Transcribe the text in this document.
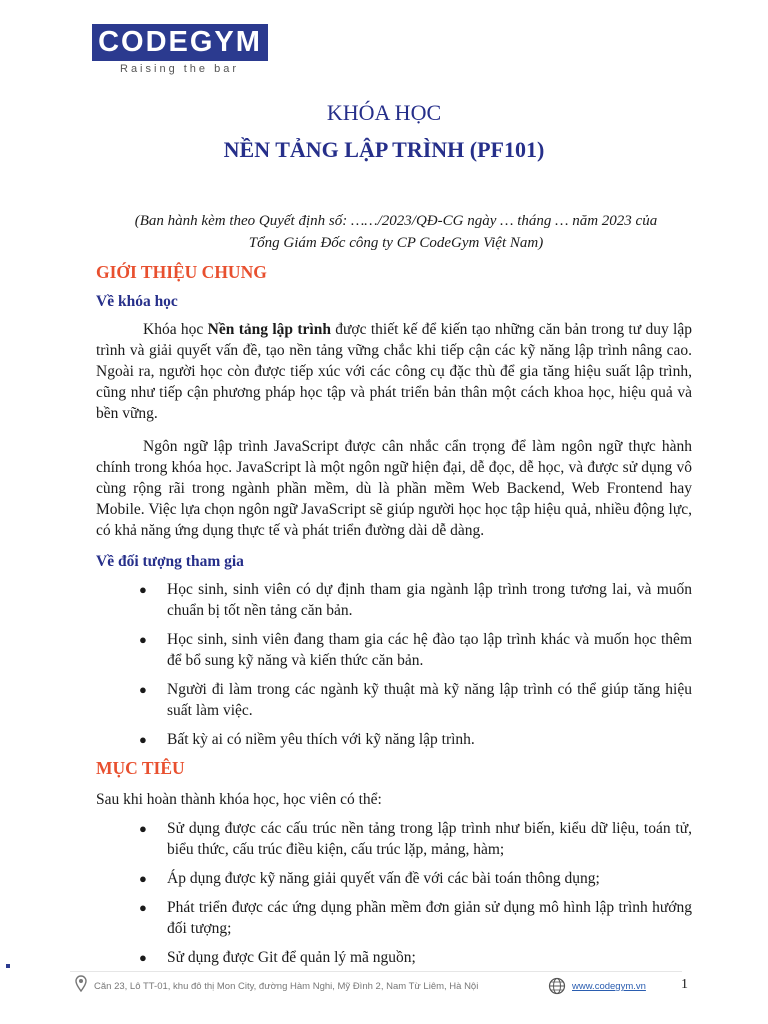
CODEGYM
Raising the bar
KHÓA HỌC
NỀN TẢNG LẬP TRÌNH (PF101)
(Ban hành kèm theo Quyết định số: ……/2023/QĐ-CG ngày … tháng … năm 2023 của
Tổng Giám Đốc công ty CP CodeGym Việt Nam)
GIỚI THIỆU CHUNG
Về khóa học

Khóa học Nền tảng lập trình được thiết kế để kiến tạo những căn bản trong tư duy lập trình và giải quyết vấn đề, tạo nền tảng vững chắc khi tiếp cận các kỹ năng lập trình nâng cao. Ngoài ra, người học còn được tiếp xúc với các công cụ đặc thù để gia tăng hiệu suất lập trình, cũng như tiếp cận phương pháp học tập và phát triển bản thân một cách khoa học, hiệu quả và bền vững.

Ngôn ngữ lập trình JavaScript được cân nhắc cẩn trọng để làm ngôn ngữ thực hành chính trong khóa học. JavaScript là một ngôn ngữ hiện đại, dễ đọc, dễ học, và được sử dụng vô cùng rộng rãi trong ngành phần mềm, dù là phần mềm Web Backend, Web Frontend hay Mobile. Việc lựa chọn ngôn ngữ JavaScript sẽ giúp người học học tập hiệu quả, nhiều động lực, có khả năng ứng dụng thực tế và phát triển đường dài dễ dàng.

Về đối tượng tham gia
● Học sinh, sinh viên có dự định tham gia ngành lập trình trong tương lai, và muốn chuẩn bị tốt nền tảng căn bản.
● Học sinh, sinh viên đang tham gia các hệ đào tạo lập trình khác và muốn học thêm để bổ sung kỹ năng và kiến thức căn bản.
● Người đi làm trong các ngành kỹ thuật mà kỹ năng lập trình có thể giúp tăng hiệu suất làm việc.
● Bất kỳ ai có niềm yêu thích với kỹ năng lập trình.
MỤC TIÊU

Sau khi hoàn thành khóa học, học viên có thể:

● Sử dụng được các cấu trúc nền tảng trong lập trình như biến, kiểu dữ liệu, toán tử, biểu thức, cấu trúc điều kiện, cấu trúc lặp, mảng, hàm;
● Áp dụng được kỹ năng giải quyết vấn đề với các bài toán thông dụng;
● Phát triển được các ứng dụng phần mềm đơn giản sử dụng mô hình lập trình hướng đối tượng;
● Sử dụng được Git để quản lý mã nguồn;
Căn 23, Lô TT-01, khu đô thị Mon City, đường Hàm Nghi, Mỹ Đình 2, Nam Từ Liêm, Hà Nội	www.codegym.vn	1
